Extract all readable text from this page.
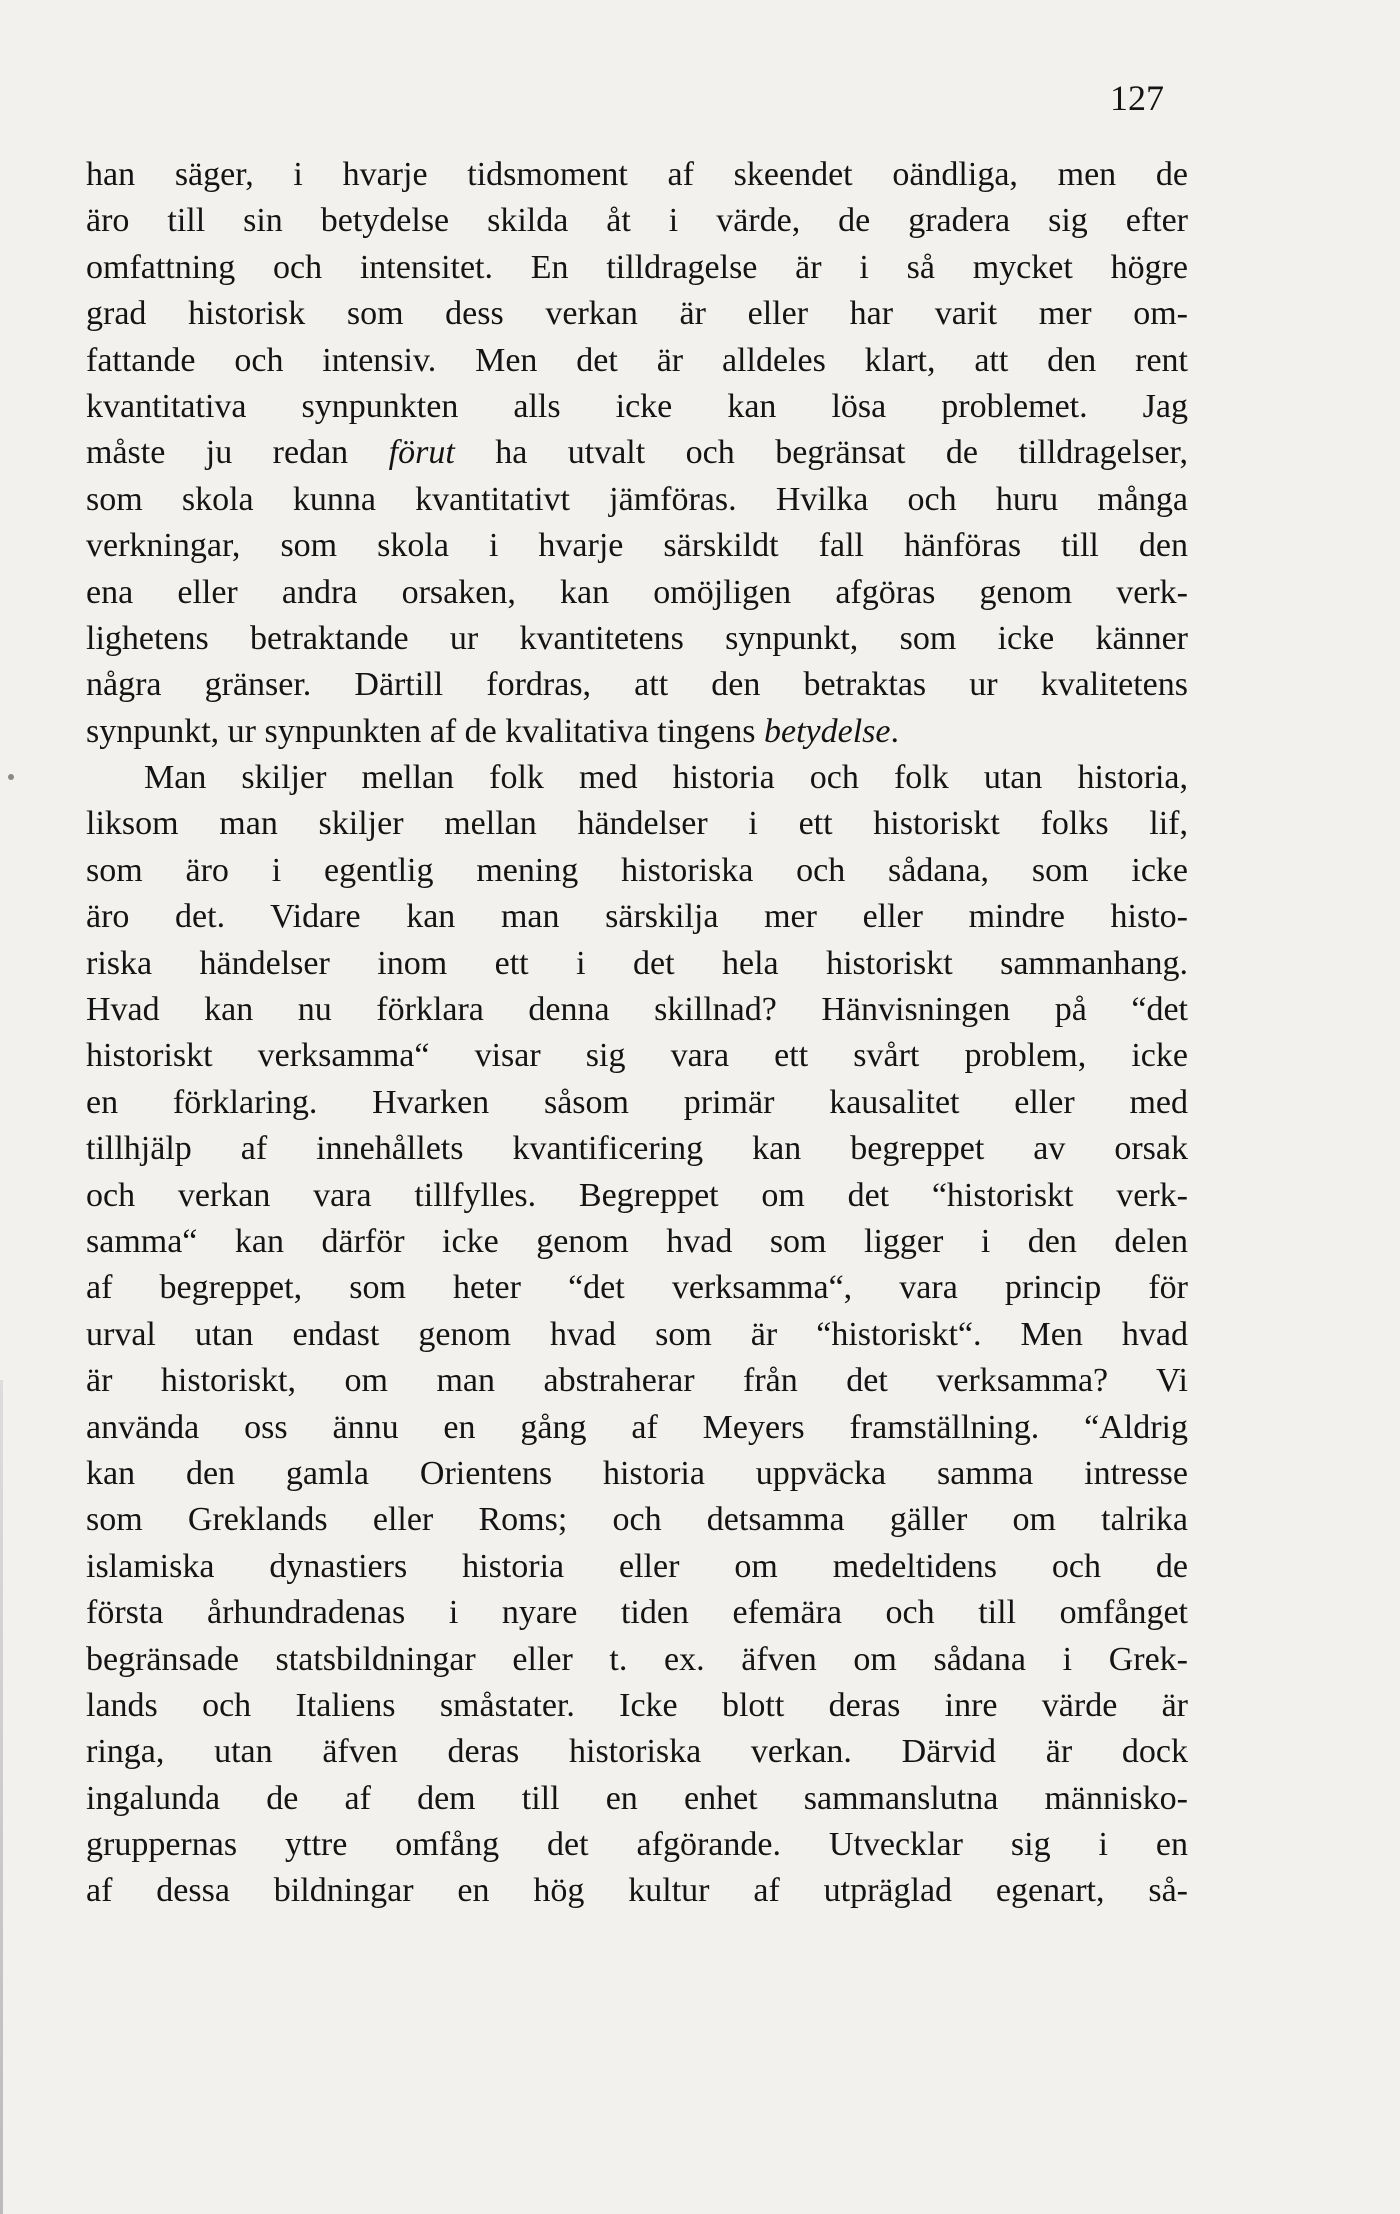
127
han säger, i hvarje tidsmoment af skeendet oändliga, men de
äro till sin betydelse skilda åt i värde, de gradera sig efter
omfattning och intensitet. En tilldragelse är i så mycket högre
grad historisk som dess verkan är eller har varit mer om-
fattande och intensiv. Men det är alldeles klart, att den rent
kvantitativa synpunkten alls icke kan lösa problemet. Jag
måste ju redan förut ha utvalt och begränsat de tilldragelser,
som skola kunna kvantitativt jämföras. Hvilka och huru många
verkningar, som skola i hvarje särskildt fall hänföras till den
ena eller andra orsaken, kan omöjligen afgöras genom verk-
lighetens betraktande ur kvantitetens synpunkt, som icke känner
några gränser. Därtill fordras, att den betraktas ur kvalitetens
synpunkt, ur synpunkten af de kvalitativa tingens betydelse.
Man skiljer mellan folk med historia och folk utan historia,
liksom man skiljer mellan händelser i ett historiskt folks lif,
som äro i egentlig mening historiska och sådana, som icke
äro det. Vidare kan man särskilja mer eller mindre histo-
riska händelser inom ett i det hela historiskt sammanhang.
Hvad kan nu förklara denna skillnad? Hänvisningen på “det
historiskt verksamma“ visar sig vara ett svårt problem, icke
en förklaring. Hvarken såsom primär kausalitet eller med
tillhjälp af innehållets kvantificering kan begreppet av orsak
och verkan vara tillfylles. Begreppet om det “historiskt verk-
samma“ kan därför icke genom hvad som ligger i den delen
af begreppet, som heter “det verksamma“, vara princip för
urval utan endast genom hvad som är “historiskt“. Men hvad
är historiskt, om man abstraherar från det verksamma? Vi
använda oss ännu en gång af Meyers framställning. “Aldrig
kan den gamla Orientens historia uppväcka samma intresse
som Greklands eller Roms; och detsamma gäller om talrika
islamiska dynastiers historia eller om medeltidens och de
första århundradenas i nyare tiden efemära och till omfånget
begränsade statsbildningar eller t. ex. äfven om sådana i Grek-
lands och Italiens småstater. Icke blott deras inre värde är
ringa, utan äfven deras historiska verkan. Därvid är dock
ingalunda de af dem till en enhet sammanslutna människo-
gruppernas yttre omfång det afgörande. Utvecklar sig i en
af dessa bildningar en hög kultur af utpräglad egenart, så-
